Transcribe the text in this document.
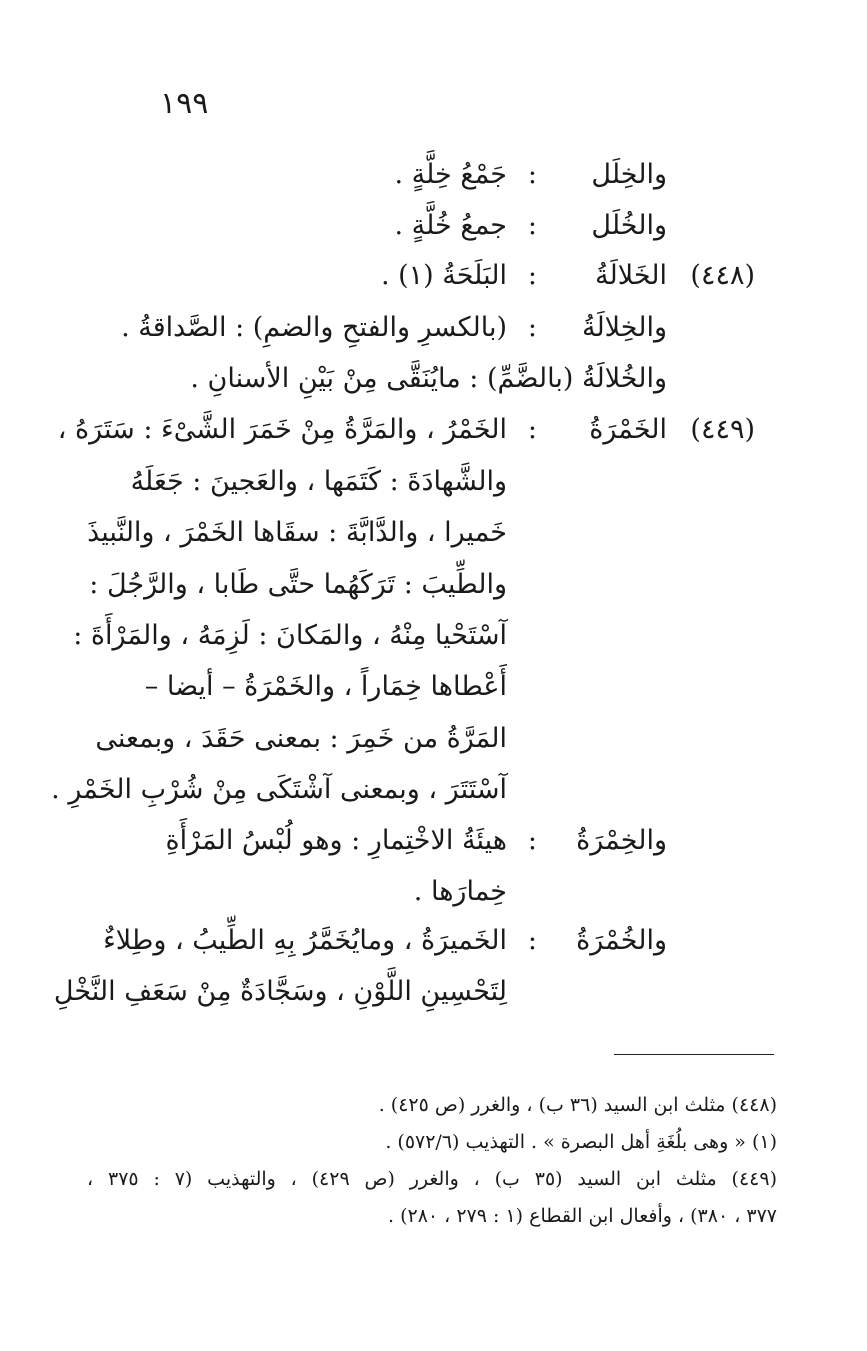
١٩٩
والخِلَل
:
جَمْعُ خِلَّةٍ .
والخُلَل
:
جمعُ خُلَّةٍ .
(٤٤٨)
الخَلالَةُ
:
البَلَحَةُ (١) .
والخِلالَةُ
:
(بالكسرِ والفتحِ والضمِ) : الصَّداقةُ .
والخُلالَةُ (بالضَّمِّ) : مايُنَقَّى مِنْ بَيْنِ الأسنانِ .
(٤٤٩)
الخَمْرَةُ
:
الخَمْرُ ، والمَرَّةُ مِنْ خَمَرَ الشَّىْءَ : سَتَرَهُ ،
والشَّهادَةَ : كَتَمَها ، والعَجينَ : جَعَلَهُ
خَميرا ، والدَّابَّةَ : سقَاها الخَمْرَ ، والنَّبيذَ
والطِّيبَ : تَرَكَهُما حتَّى طَابا ، والرَّجُلَ :
آسْتَحْيا مِنْهُ ، والمَكانَ : لَزِمَهُ ، والمَرْأَةَ :
أَعْطاها خِمَاراً ، والخَمْرَةُ – أيضا –
المَرَّةُ من خَمِرَ : بمعنى حَقَدَ ، وبمعنى
آسْتَتَرَ ، وبمعنى آشْتَكَى مِنْ شُرْبِ الخَمْرِ .
والخِمْرَةُ
:
هيئَةُ الاخْتِمارِ : وهو لُبْسُ المَرْأَةِ
خِمارَها .
والخُمْرَةُ
:
الخَميرَةُ ، ومايُخَمَّرُ بِهِ الطِّيبُ ، وطِلاءٌ
لِتَحْسِينِ اللَّوْنِ ، وسَجَّادَةٌ مِنْ سَعَفِ النَّخْلِ
(٤٤٨) مثلث ابن السيد (٣٦ ب) ، والغرر (ص ٤٢٥) .
(١) « وهى بلُغَةِ أهل البصرة » . التهذيب (٥٧٢/٦) .
(٤٤٩) مثلث ابن السيد (٣٥ ب) ، والغرر (ص ٤٢٩) ، والتهذيب (٧ : ٣٧٥ ،
٣٧٧ ، ٣٨٠) ، وأفعال ابن القطاع (١ : ٢٧٩ ، ٢٨٠) .
